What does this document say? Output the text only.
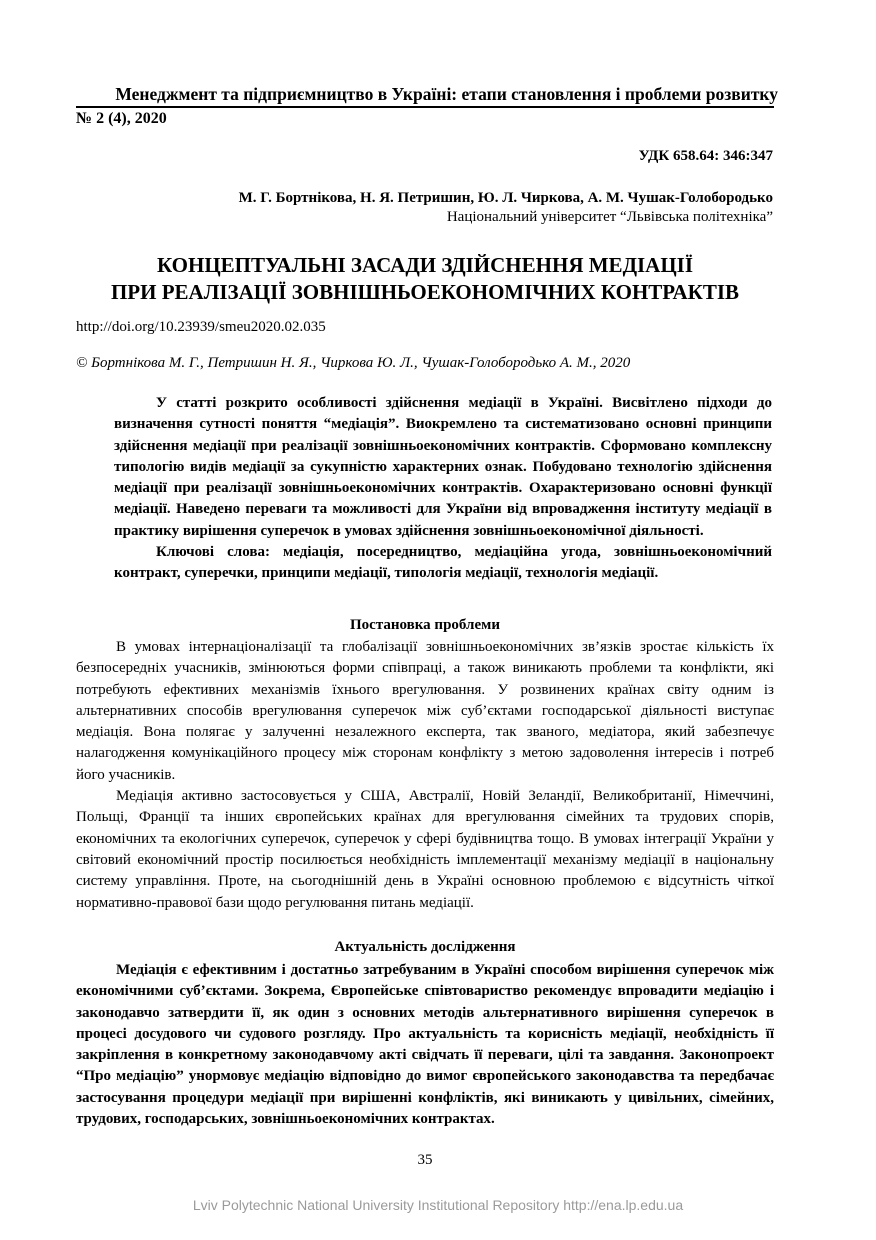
Менеджмент та підприємництво в Україні: етапи становлення і проблеми розвитку
№ 2 (4), 2020
УДК 658.64: 346:347
М. Г. Бортнікова, Н. Я. Петришин, Ю. Л. Чиркова, А. М. Чушак-Голобородько
Національний університет “Львівська політехніка”
КОНЦЕПТУАЛЬНІ ЗАСАДИ ЗДІЙСНЕННЯ МЕДІАЦІЇ
ПРИ РЕАЛІЗАЦІЇ ЗОВНІШНЬОЕКОНОМІЧНИХ КОНТРАКТІВ
http://doi.org/10.23939/smeu2020.02.035
© Бортнікова М. Г., Петришин Н. Я., Чиркова Ю. Л., Чушак-Голобородько А. М., 2020

У статті розкрито особливості здійснення медіації в Україні. Висвітлено підходи до визначення сутності поняття “медіація”. Виокремлено та систематизовано основні принципи здійснення медіації при реалізації зовнішньоекономічних контрактів. Сформовано комплексну типологію видів медіації за сукупністю характерних ознак. Побудовано технологію здійснення медіації при реалізації зовнішньоекономічних контрактів. Охарактеризовано основні функції медіації. Наведено переваги та можливості для України від впровадження інституту медіації в практику вирішення суперечок в умовах здійснення зовнішньоекономічної діяльності.

Ключові слова: медіація, посередництво, медіаційна угода, зовнішньоекономічний контракт, суперечки, принципи медіації, типологія медіації, технологія медіації.

Постановка проблеми

В умовах інтернаціоналізації та глобалізації зовнішньоекономічних зв’язків зростає кількість їх безпосередніх учасників, змінюються форми співпраці, а також виникають проблеми та конфлікти, які потребують ефективних механізмів їхнього врегулювання. У розвинених країнах світу одним із альтернативних способів врегулювання суперечок між суб’єктами господарської діяльності виступає медіація. Вона полягає у залученні незалежного експерта, так званого, медіатора, який забезпечує налагодження комунікаційного процесу між сторонам конфлікту з метою задоволення інтересів і потреб його учасників.

Медіація активно застосовується у США, Австралії, Новій Зеландії, Великобританії, Німеччині, Польщі, Франції та інших європейських країнах для врегулювання сімейних та трудових спорів, економічних та екологічних суперечок, суперечок у сфері будівництва тощо. В умовах інтеграції України у світовий економічний простір посилюється необхідність імплементації механізму медіації в національну систему управління. Проте, на сьогоднішній день в Україні основною проблемою є відсутність чіткої нормативно-правової бази щодо регулювання питань медіації.

Актуальність дослідження

Медіація є ефективним і достатньо затребуваним в Україні способом вирішення суперечок між економічними суб’єктами. Зокрема, Європейське співтовариство рекомендує впровадити медіацію і законодавчо затвердити її, як один з основних методів альтернативного вирішення суперечок в процесі досудового чи судового розгляду. Про актуальність та корисність медіації, необхідність її закріплення в конкретному законодавчому акті свідчать її переваги, цілі та завдання. Законопроект “Про медіацію” унормовує медіацію відповідно до вимог європейського законодавства та передбачає застосування процедури медіації при вирішенні конфліктів, які виникають у цивільних, сімейних, трудових, господарських, зовнішньоекономічних контрактах.

35
Lviv Polytechnic National University Institutional Repository http://ena.lp.edu.ua
